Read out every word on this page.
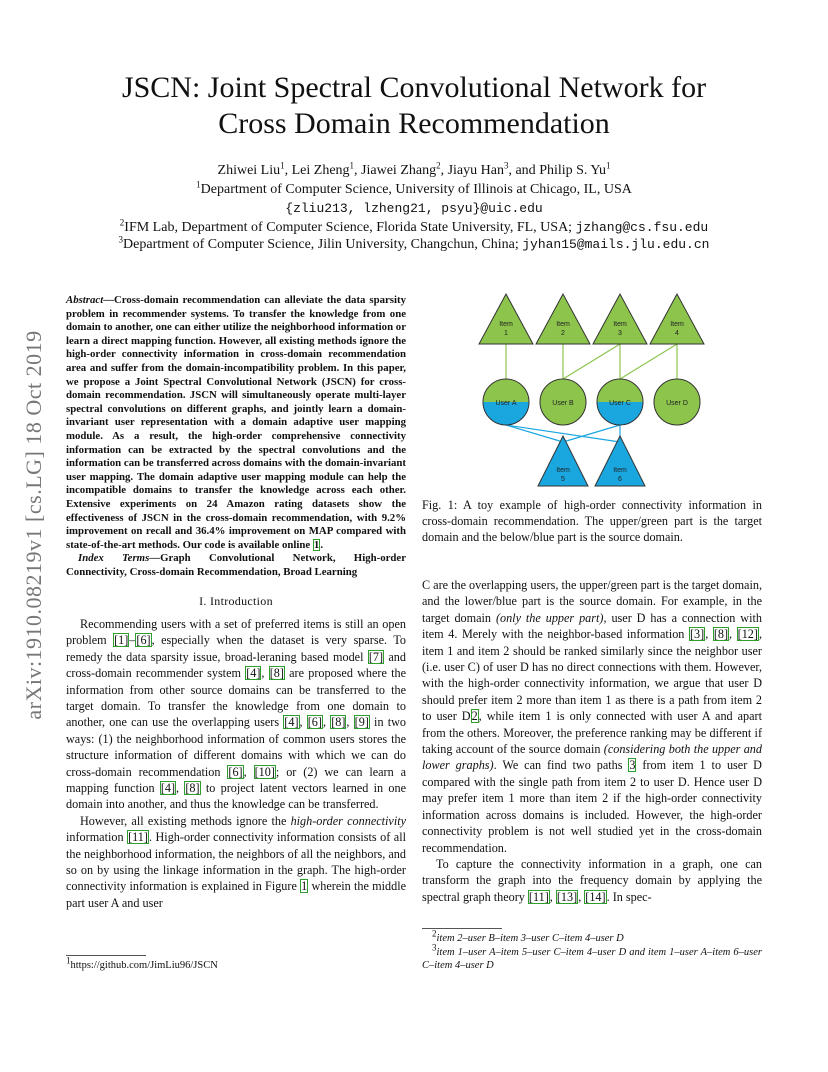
arXiv:1910.08219v1 [cs.LG] 18 Oct 2019
JSCN: Joint Spectral Convolutional Network for
Cross Domain Recommendation
Zhiwei Liu$^1$, Lei Zheng$^1$, Jiawei Zhang$^2$, Jiayu Han$^3$, and Philip S. Yu$^1$
$^1$Department of Computer Science, University of Illinois at Chicago, IL, USA
{zliu213, lzheng21, psyu}@uic.edu
$^2$IFM Lab, Department of Computer Science, Florida State University, FL, USA; jzhang@cs.fsu.edu
$^3$Department of Computer Science, Jilin University, Changchun, China; jyhan15@mails.jlu.edu.cn

Abstract—Cross-domain recommendation can alleviate the data sparsity problem in recommender systems. To transfer the knowledge from one domain to another, one can either utilize the neighborhood information or learn a direct mapping function. However, all existing methods ignore the high-order connectivity information in cross-domain recommendation area and suffer from the domain-incompatibility problem. In this paper, we propose a Joint Spectral Convolutional Network (JSCN) for cross-domain recommendation. JSCN will simultaneously operate multi-layer spectral convolutions on different graphs, and jointly learn a domain-invariant user representation with a domain adaptive user mapping module. As a result, the high-order comprehensive connectivity information can be extracted by the spectral convolutions and the information can be transferred across domains with the domain-invariant user mapping. The domain adaptive user mapping module can help the incompatible domains to transfer the knowledge across each other. Extensive experiments on 24 Amazon rating datasets show the effectiveness of JSCN in the cross-domain recommendation, with 9.2% improvement on recall and 36.4% improvement on MAP compared with state-of-the-art methods. Our code is available online 1.

Index Terms—Graph Convolutional Network, High-order Connectivity, Cross-domain Recommendation, Broad Learning

I. Introduction

Recommending users with a set of preferred items is still an open problem [1]–[6], especially when the dataset is very sparse. To remedy the data sparsity issue, broad-leraning based model [7] and cross-domain recommender system [4], [8] are proposed where the information from other source domains can be transferred to the target domain. To transfer the knowledge from one domain to another, one can use the overlapping users [4], [6], [8], [9] in two ways: (1) the neighborhood information of common users stores the structure information of different domains with which we can do cross-domain recommendation [6], [10]; or (2) we can learn a mapping function [4], [8] to project latent vectors learned in one domain into another, and thus the knowledge can be transferred.

However, all existing methods ignore the high-order connectivity information [11]. High-order connectivity information consists of all the neighborhood information, the neighbors of all the neighbors, and so on by using the linkage information in the graph. The high-order connectivity information is explained in Figure 1 wherein the middle part user A and user

$^1$https://github.com/JimLiu96/JSCN
Item
1
Item
2
Item
3
Item
4
User A	User B	User C	User D
Item
5
Item
6
Fig. 1: A toy example of high-order connectivity information in cross-domain recommendation. The upper/green part is the target domain and the below/blue part is the source domain.

C are the overlapping users, the upper/green part is the target domain, and the lower/blue part is the source domain. For example, in the target domain (only the upper part), user D has a connection with item 4. Merely with the neighbor-based information [3], [8], [12], item 1 and item 2 should be ranked similarly since the neighbor user (i.e. user C) of user D has no direct connections with them. However, with the high-order connectivity information, we argue that user D should prefer item 2 more than item 1 as there is a path from item 2 to user D2, while item 1 is only connected with user A and apart from the others. Moreover, the preference ranking may be different if taking account of the source domain (considering both the upper and lower graphs). We can find two paths 3 from item 1 to user D compared with the single path from item 2 to user D. Hence user D may prefer item 1 more than item 2 if the high-order connectivity information across domains is included. However, the high-order connectivity problem is not well studied yet in the cross-domain recommendation.

To capture the connectivity information in a graph, one can transform the graph into the frequency domain by applying the spectral graph theory [11], [13], [14]. In spec-

$^2$item 2–user B–item 3–user C–item 4–user D
$^3$item 1–user A–item 5–user C–item 4–user D and item 1–user A–item 6–user C–item 4–user D
